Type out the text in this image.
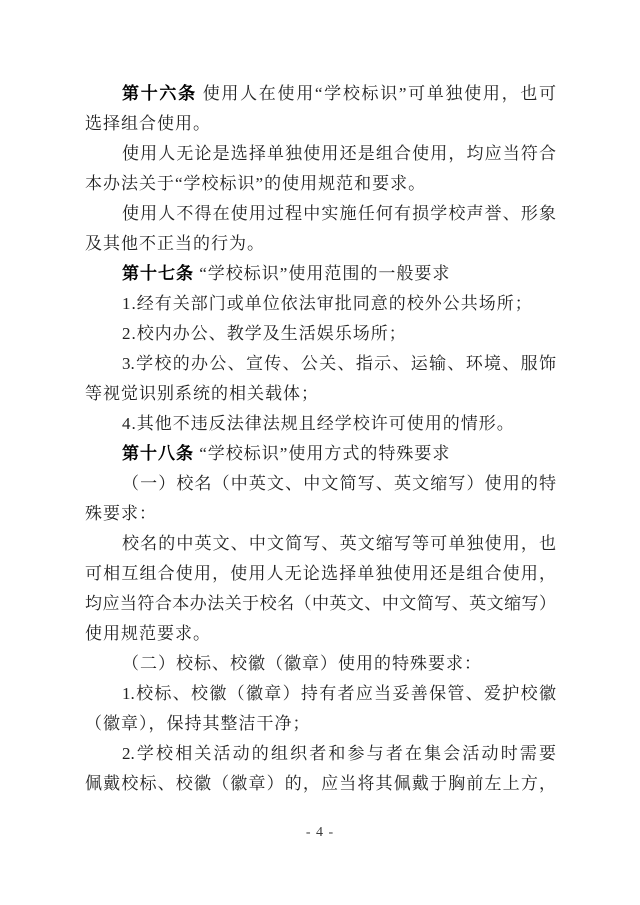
第十六条 使用人在使用“学校标识”可单独使用，也可
选择组合使用。
使用人无论是选择单独使用还是组合使用，均应当符合
本办法关于“学校标识”的使用规范和要求。
使用人不得在使用过程中实施任何有损学校声誉、形象
及其他不正当的行为。
第十七条 “学校标识”使用范围的一般要求
1.经有关部门或单位依法审批同意的校外公共场所；
2.校内办公、教学及生活娱乐场所；
3.学校的办公、宣传、公关、指示、运输、环境、服饰
等视觉识别系统的相关载体；
4.其他不违反法律法规且经学校许可使用的情形。
第十八条 “学校标识”使用方式的特殊要求
（一）校名（中英文、中文简写、英文缩写）使用的特
殊要求：
校名的中英文、中文简写、英文缩写等可单独使用，也
可相互组合使用，使用人无论选择单独使用还是组合使用，
均应当符合本办法关于校名（中英文、中文简写、英文缩写）
使用规范要求。
（二）校标、校徽（徽章）使用的特殊要求：
1.校标、校徽（徽章）持有者应当妥善保管、爱护校徽
（徽章），保持其整洁干净；
2.学校相关活动的组织者和参与者在集会活动时需要
佩戴校标、校徽（徽章）的，应当将其佩戴于胸前左上方，
- 4 -
